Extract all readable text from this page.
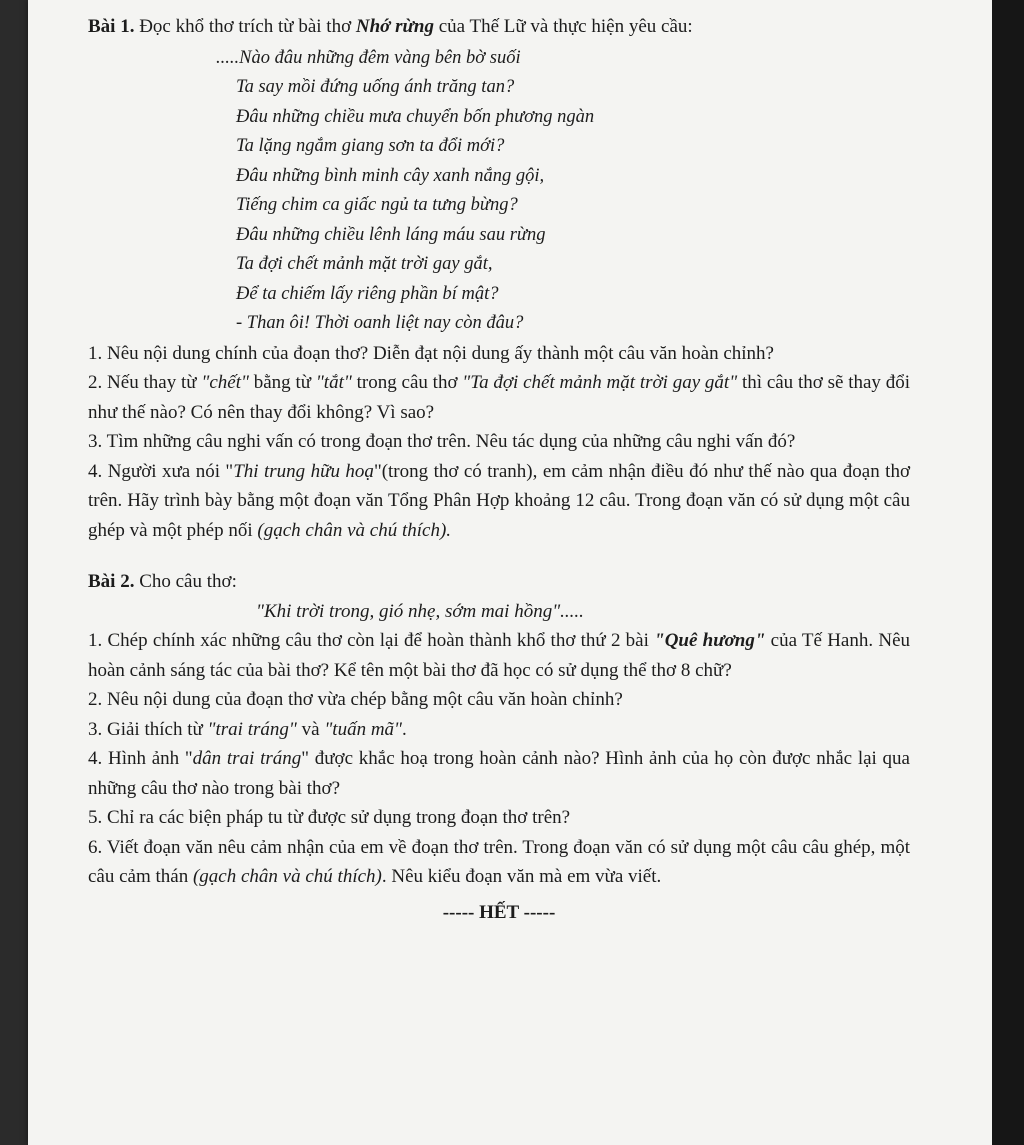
Bài 1. Đọc khổ thơ trích từ bài thơ Nhớ rừng của Thế Lữ và thực hiện yêu cầu:

.....Nào đâu những đêm vàng bên bờ suối
Ta say mồi đứng uống ánh trăng tan?
Đâu những chiều mưa chuyển bốn phương ngàn
Ta lặng ngắm giang sơn ta đổi mới?
Đâu những bình minh cây xanh nắng gội,
Tiếng chim ca giấc ngủ ta tưng bừng?
Đâu những chiều lênh láng máu sau rừng
Ta đợi chết mảnh mặt trời gay gắt,
Để ta chiếm lấy riêng phần bí mật?
- Than ôi! Thời oanh liệt nay còn đâu?

1. Nêu nội dung chính của đoạn thơ? Diễn đạt nội dung ấy thành một câu văn hoàn chỉnh?

2. Nếu thay từ "chết" bằng từ "tắt" trong câu thơ "Ta đợi chết mảnh mặt trời gay gắt" thì câu thơ sẽ thay đổi như thế nào? Có nên thay đổi không? Vì sao?

3. Tìm những câu nghi vấn có trong đoạn thơ trên. Nêu tác dụng của những câu nghi vấn đó?

4. Người xưa nói "Thi trung hữu hoạ"(trong thơ có tranh), em cảm nhận điều đó như thế nào qua đoạn thơ trên. Hãy trình bày bằng một đoạn văn Tổng Phân Hợp khoảng 12 câu. Trong đoạn văn có sử dụng một câu ghép và một phép nối (gạch chân và chú thích).

Bài 2. Cho câu thơ:

"Khi trời trong, gió nhẹ, sớm mai hồng".....

1. Chép chính xác những câu thơ còn lại để hoàn thành khổ thơ thứ 2 bài "Quê hương" của Tế Hanh. Nêu hoàn cảnh sáng tác của bài thơ? Kể tên một bài thơ đã học có sử dụng thể thơ 8 chữ?

2. Nêu nội dung của đoạn thơ vừa chép bằng một câu văn hoàn chỉnh?

3. Giải thích từ "trai tráng" và "tuấn mã".

4. Hình ảnh "dân trai tráng" được khắc hoạ trong hoàn cảnh nào? Hình ảnh của họ còn được nhắc lại qua những câu thơ nào trong bài thơ?

5. Chỉ ra các biện pháp tu từ được sử dụng trong đoạn thơ trên?

6. Viết đoạn văn nêu cảm nhận của em về đoạn thơ trên. Trong đoạn văn có sử dụng một câu câu ghép, một câu cảm thán (gạch chân và chú thích). Nêu kiểu đoạn văn mà em vừa viết.

----- HẾT -----
